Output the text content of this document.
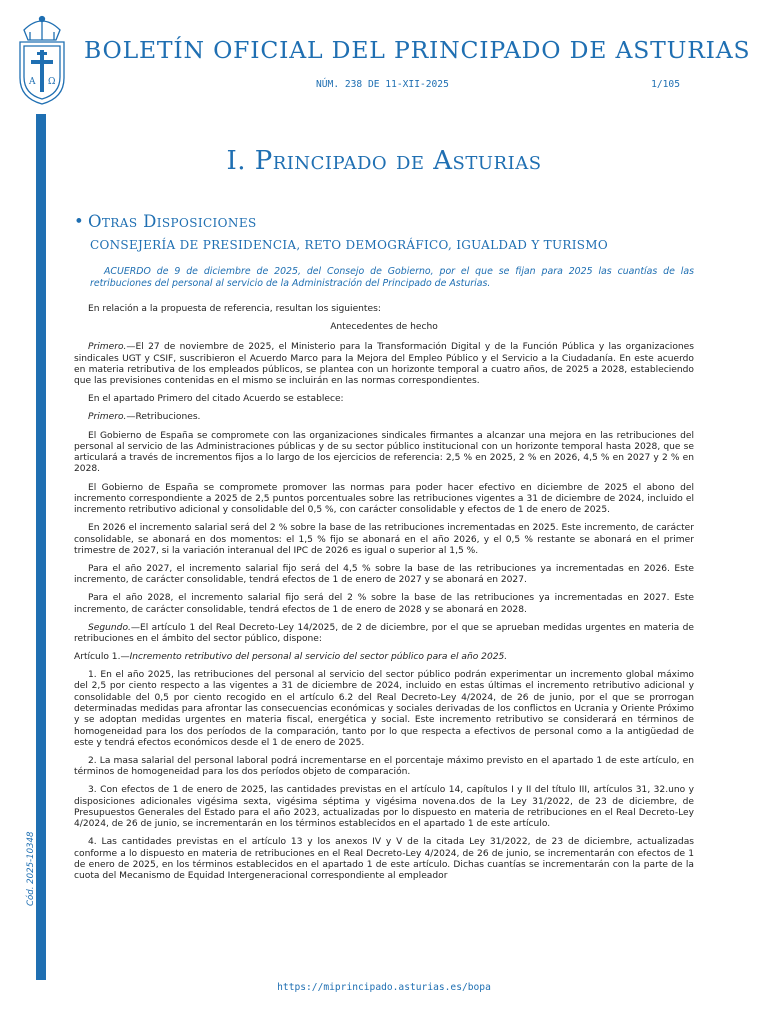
A Ω
BOLETÍN OFICIAL DEL PRINCIPADO DE ASTURIAS
NÚM. 238 DE 11-XII-2025	1/105
Cód. 2025-10348
I. Principado de Asturias
• Otras Disposiciones
CONSEJERÍA DE PRESIDENCIA, RETO DEMOGRÁFICO, IGUALDAD Y TURISMO
ACUERDO de 9 de diciembre de 2025, del Consejo de Gobierno, por el que se fijan para 2025 las cuantías de las retribuciones del personal al servicio de la Administración del Principado de Asturias.

En relación a la propuesta de referencia, resultan los siguientes:

Antecedentes de hecho

Primero.—El 27 de noviembre de 2025, el Ministerio para la Transformación Digital y de la Función Pública y las organizaciones sindicales UGT y CSIF, suscribieron el Acuerdo Marco para la Mejora del Empleo Público y el Servicio a la Ciudadanía. En este acuerdo en materia retributiva de los empleados públicos, se plantea con un horizonte temporal a cuatro años, de 2025 a 2028, estableciendo que las previsiones contenidas en el mismo se incluirán en las normas correspondientes.

En el apartado Primero del citado Acuerdo se establece:

Primero.—Retribuciones.

El Gobierno de España se compromete con las organizaciones sindicales firmantes a alcanzar una mejora en las retribuciones del personal al servicio de las Administraciones públicas y de su sector público institucional con un horizonte temporal hasta 2028, que se articulará a través de incrementos fijos a lo largo de los ejercicios de referencia: 2,5 % en 2025, 2 % en 2026, 4,5 % en 2027 y 2 % en 2028.

El Gobierno de España se compromete promover las normas para poder hacer efectivo en diciembre de 2025 el abono del incremento correspondiente a 2025 de 2,5 puntos porcentuales sobre las retribuciones vigentes a 31 de diciembre de 2024, incluido el incremento retributivo adicional y consolidable del 0,5 %, con carácter consolidable y efectos de 1 de enero de 2025.

En 2026 el incremento salarial será del 2 % sobre la base de las retribuciones incrementadas en 2025. Este incremento, de carácter consolidable, se abonará en dos momentos: el 1,5 % fijo se abonará en el año 2026, y el 0,5 % restante se abonará en el primer trimestre de 2027, si la variación interanual del IPC de 2026 es igual o superior al 1,5 %.

Para el año 2027, el incremento salarial fijo será del 4,5 % sobre la base de las retribuciones ya incrementadas en 2026. Este incremento, de carácter consolidable, tendrá efectos de 1 de enero de 2027 y se abonará en 2027.

Para el año 2028, el incremento salarial fijo será del 2 % sobre la base de las retribuciones ya incrementadas en 2027. Este incremento, de carácter consolidable, tendrá efectos de 1 de enero de 2028 y se abonará en 2028.

Segundo.—El artículo 1 del Real Decreto-Ley 14/2025, de 2 de diciembre, por el que se aprueban medidas urgentes en materia de retribuciones en el ámbito del sector público, dispone:

Artículo 1.—Incremento retributivo del personal al servicio del sector público para el año 2025.

1. En el año 2025, las retribuciones del personal al servicio del sector público podrán experimentar un incremento global máximo del 2,5 por ciento respecto a las vigentes a 31 de diciembre de 2024, incluido en estas últimas el incremento retributivo adicional y consolidable del 0,5 por ciento recogido en el artículo 6.2 del Real Decreto-Ley 4/2024, de 26 de junio, por el que se prorrogan determinadas medidas para afrontar las consecuencias económicas y sociales derivadas de los conflictos en Ucrania y Oriente Próximo y se adoptan medidas urgentes en materia fiscal, energética y social. Este incremento retributivo se considerará en términos de homogeneidad para los dos períodos de la comparación, tanto por lo que respecta a efectivos de personal como a la antigüedad de este y tendrá efectos económicos desde el 1 de enero de 2025.

2. La masa salarial del personal laboral podrá incrementarse en el porcentaje máximo previsto en el apartado 1 de este artículo, en términos de homogeneidad para los dos períodos objeto de comparación.

3. Con efectos de 1 de enero de 2025, las cantidades previstas en el artículo 14, capítulos I y II del título III, artículos 31, 32.uno y disposiciones adicionales vigésima sexta, vigésima séptima y vigésima novena.dos de la Ley 31/2022, de 23 de diciembre, de Presupuestos Generales del Estado para el año 2023, actualizadas por lo dispuesto en materia de retribuciones en el Real Decreto-Ley 4/2024, de 26 de junio, se incrementarán en los términos establecidos en el apartado 1 de este artículo.

4. Las cantidades previstas en el artículo 13 y los anexos IV y V de la citada Ley 31/2022, de 23 de diciembre, actualizadas conforme a lo dispuesto en materia de retribuciones en el Real Decreto-Ley 4/2024, de 26 de junio, se incrementarán con efectos de 1 de enero de 2025, en los términos establecidos en el apartado 1 de este artículo. Dichas cuantías se incrementarán con la parte de la cuota del Mecanismo de Equidad Intergeneracional correspondiente al empleador

https://miprincipado.asturias.es/bopa
